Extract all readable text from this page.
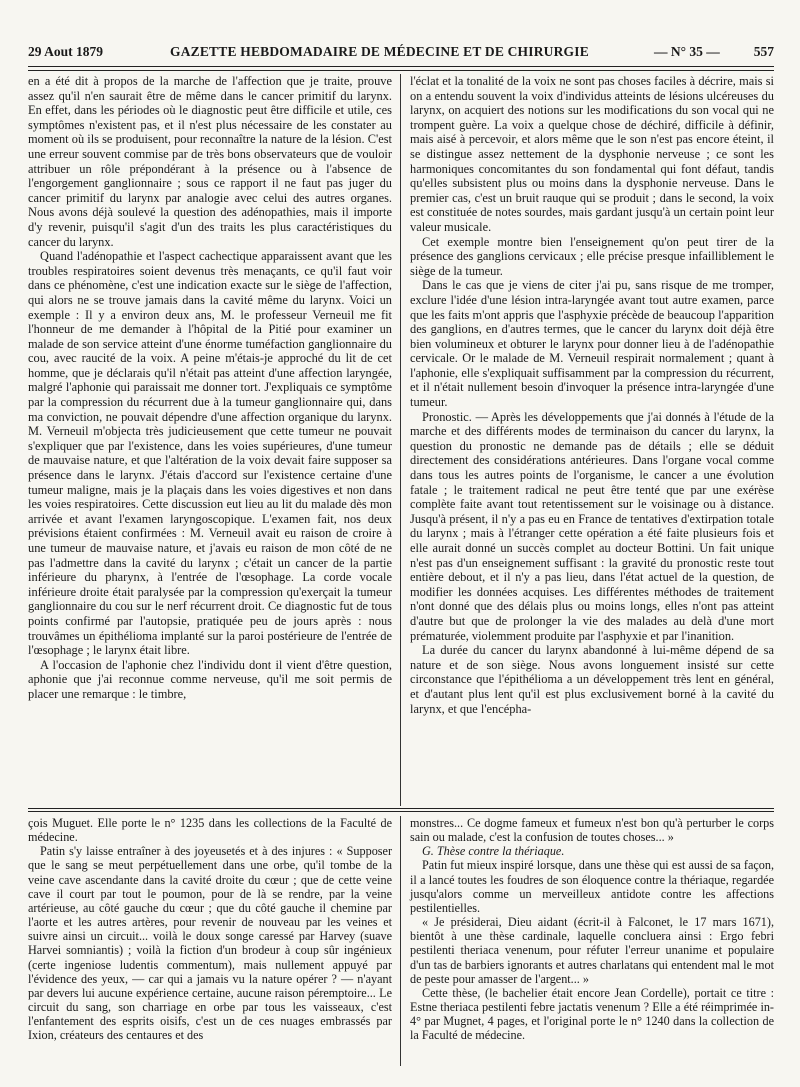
29 Aout 1879	GAZETTE HEBDOMADAIRE DE MÉDECINE ET DE CHIRURGIE	— N° 35 —	557

en a été dit à propos de la marche de l'affection que je traite, prouve assez qu'il n'en saurait être de même dans le cancer primitif du larynx. En effet, dans les périodes où le diagnostic peut être difficile et utile, ces symptômes n'existent pas, et il n'est plus nécessaire de les constater au moment où ils se produisent, pour reconnaître la nature de la lésion. C'est une erreur souvent commise par de très bons observateurs que de vouloir attribuer un rôle prépondérant à la présence ou à l'absence de l'engorgement ganglionnaire ; sous ce rapport il ne faut pas juger du cancer primitif du larynx par analogie avec celui des autres organes. Nous avons déjà soulevé la question des adénopathies, mais il importe d'y revenir, puisqu'il s'agit d'un des traits les plus caractéristiques du cancer du larynx.

Quand l'adénopathie et l'aspect cachectique apparaissent avant que les troubles respiratoires soient devenus très menaçants, ce qu'il faut voir dans ce phénomène, c'est une indication exacte sur le siège de l'affection, qui alors ne se trouve jamais dans la cavité même du larynx. Voici un exemple : Il y a environ deux ans, M. le professeur Verneuil me fit l'honneur de me demander à l'hôpital de la Pitié pour examiner un malade de son service atteint d'une énorme tuméfaction ganglionnaire du cou, avec raucité de la voix. A peine m'étais-je approché du lit de cet homme, que je déclarais qu'il n'était pas atteint d'une affection laryngée, malgré l'aphonie qui paraissait me donner tort. J'expliquais ce symptôme par la compression du récurrent due à la tumeur ganglionnaire qui, dans ma conviction, ne pouvait dépendre d'une affection organique du larynx. M. Verneuil m'objecta très judicieusement que cette tumeur ne pouvait s'expliquer que par l'existence, dans les voies supérieures, d'une tumeur de mauvaise nature, et que l'altération de la voix devait faire supposer sa présence dans le larynx. J'étais d'accord sur l'existence certaine d'une tumeur maligne, mais je la plaçais dans les voies digestives et non dans les voies respiratoires. Cette discussion eut lieu au lit du malade dès mon arrivée et avant l'examen laryngoscopique. L'examen fait, nos deux prévisions étaient confirmées : M. Verneuil avait eu raison de croire à une tumeur de mauvaise nature, et j'avais eu raison de mon côté de ne pas l'admettre dans la cavité du larynx ; c'était un cancer de la partie inférieure du pharynx, à l'entrée de l'œsophage. La corde vocale inférieure droite était paralysée par la compression qu'exerçait la tumeur ganglionnaire du cou sur le nerf récurrent droit. Ce diagnostic fut de tous points confirmé par l'autopsie, pratiquée peu de jours après : nous trouvâmes un épithélioma implanté sur la paroi postérieure de l'entrée de l'œsophage ; le larynx était libre.

A l'occasion de l'aphonie chez l'individu dont il vient d'être question, aphonie que j'ai reconnue comme nerveuse, qu'il me soit permis de placer une remarque : le timbre,

l'éclat et la tonalité de la voix ne sont pas choses faciles à décrire, mais si on a entendu souvent la voix d'individus atteints de lésions ulcéreuses du larynx, on acquiert des notions sur les modifications du son vocal qui ne trompent guère. La voix a quelque chose de déchiré, difficile à définir, mais aisé à percevoir, et alors même que le son n'est pas encore éteint, il se distingue assez nettement de la dysphonie nerveuse ; ce sont les harmoniques concomitantes du son fondamental qui font défaut, tandis qu'elles subsistent plus ou moins dans la dysphonie nerveuse. Dans le premier cas, c'est un bruit rauque qui se produit ; dans le second, la voix est constituée de notes sourdes, mais gardant jusqu'à un certain point leur valeur musicale.

Cet exemple montre bien l'enseignement qu'on peut tirer de la présence des ganglions cervicaux ; elle précise presque infailliblement le siège de la tumeur.

Dans le cas que je viens de citer j'ai pu, sans risque de me tromper, exclure l'idée d'une lésion intra-laryngée avant tout autre examen, parce que les faits m'ont appris que l'asphyxie précède de beaucoup l'apparition des ganglions, en d'autres termes, que le cancer du larynx doit déjà être bien volumineux et obturer le larynx pour donner lieu à de l'adénopathie cervicale. Or le malade de M. Verneuil respirait normalement ; quant à l'aphonie, elle s'expliquait suffisamment par la compression du récurrent, et il n'était nullement besoin d'invoquer la présence intra-laryngée d'une tumeur.

Pronostic. — Après les développements que j'ai donnés à l'étude de la marche et des différents modes de terminaison du cancer du larynx, la question du pronostic ne demande pas de détails ; elle se déduit directement des considérations antérieures. Dans l'organe vocal comme dans tous les autres points de l'organisme, le cancer a une évolution fatale ; le traitement radical ne peut être tenté que par une exérèse complète faite avant tout retentissement sur le voisinage ou à distance. Jusqu'à présent, il n'y a pas eu en France de tentatives d'extirpation totale du larynx ; mais à l'étranger cette opération a été faite plusieurs fois et elle aurait donné un succès complet au docteur Bottini. Un fait unique n'est pas d'un enseignement suffisant : la gravité du pronostic reste tout entière debout, et il n'y a pas lieu, dans l'état actuel de la question, de modifier les données acquises. Les différentes méthodes de traitement n'ont donné que des délais plus ou moins longs, elles n'ont pas atteint d'autre but que de prolonger la vie des malades au delà d'une mort prématurée, violemment produite par l'asphyxie et par l'inanition.

La durée du cancer du larynx abandonné à lui-même dépend de sa nature et de son siège. Nous avons longuement insisté sur cette circonstance que l'épithélioma a un développement très lent en général, et d'autant plus lent qu'il est plus exclusivement borné à la cavité du larynx, et que l'encépha-

çois Muguet. Elle porte le n° 1235 dans les collections de la Faculté de médecine.

Patin s'y laisse entraîner à des joyeusetés et à des injures : « Supposer que le sang se meut perpétuellement dans une orbe, qu'il tombe de la veine cave ascendante dans la cavité droite du cœur ; que de cette veine cave il court par tout le poumon, pour de là se rendre, par la veine artérieuse, au côté gauche du cœur ; que du côté gauche il chemine par l'aorte et les autres artères, pour revenir de nouveau par les veines et suivre ainsi un circuit... voilà le doux songe caressé par Harvey (suave Harvei somniantis) ; voilà la fiction d'un brodeur à coup sûr ingénieux (certe ingeniose ludentis commentum), mais nullement appuyé par l'évidence des yeux, — car qui a jamais vu la nature opérer ? — n'ayant par devers lui aucune expérience certaine, aucune raison péremptoire... Le circuit du sang, son charriage en orbe par tous les vaisseaux, c'est l'enfantement des esprits oisifs, c'est un de ces nuages embrassés par Ixion, créateurs des centaures et des

monstres... Ce dogme fameux et fumeux n'est bon qu'à perturber le corps sain ou malade, c'est la confusion de toutes choses... »

G. Thèse contre la thériaque.

Patin fut mieux inspiré lorsque, dans une thèse qui est aussi de sa façon, il a lancé toutes les foudres de son éloquence contre la thériaque, regardée jusqu'alors comme un merveilleux antidote contre les affections pestilentielles.

« Je présiderai, Dieu aidant (écrit-il à Falconet, le 17 mars 1671), bientôt à une thèse cardinale, laquelle concluera ainsi : Ergo febri pestilenti theriaca venenum, pour réfuter l'erreur unanime et populaire d'un tas de barbiers ignorants et autres charlatans qui entendent mal le mot de peste pour amasser de l'argent... »

Cette thèse, (le bachelier était encore Jean Cordelle), portait ce titre : Estne theriaca pestilenti febre jactatis venenum ? Elle a été réimprimée in-4° par Mugnet, 4 pages, et l'original porte le n° 1240 dans la collection de la Faculté de médecine.
